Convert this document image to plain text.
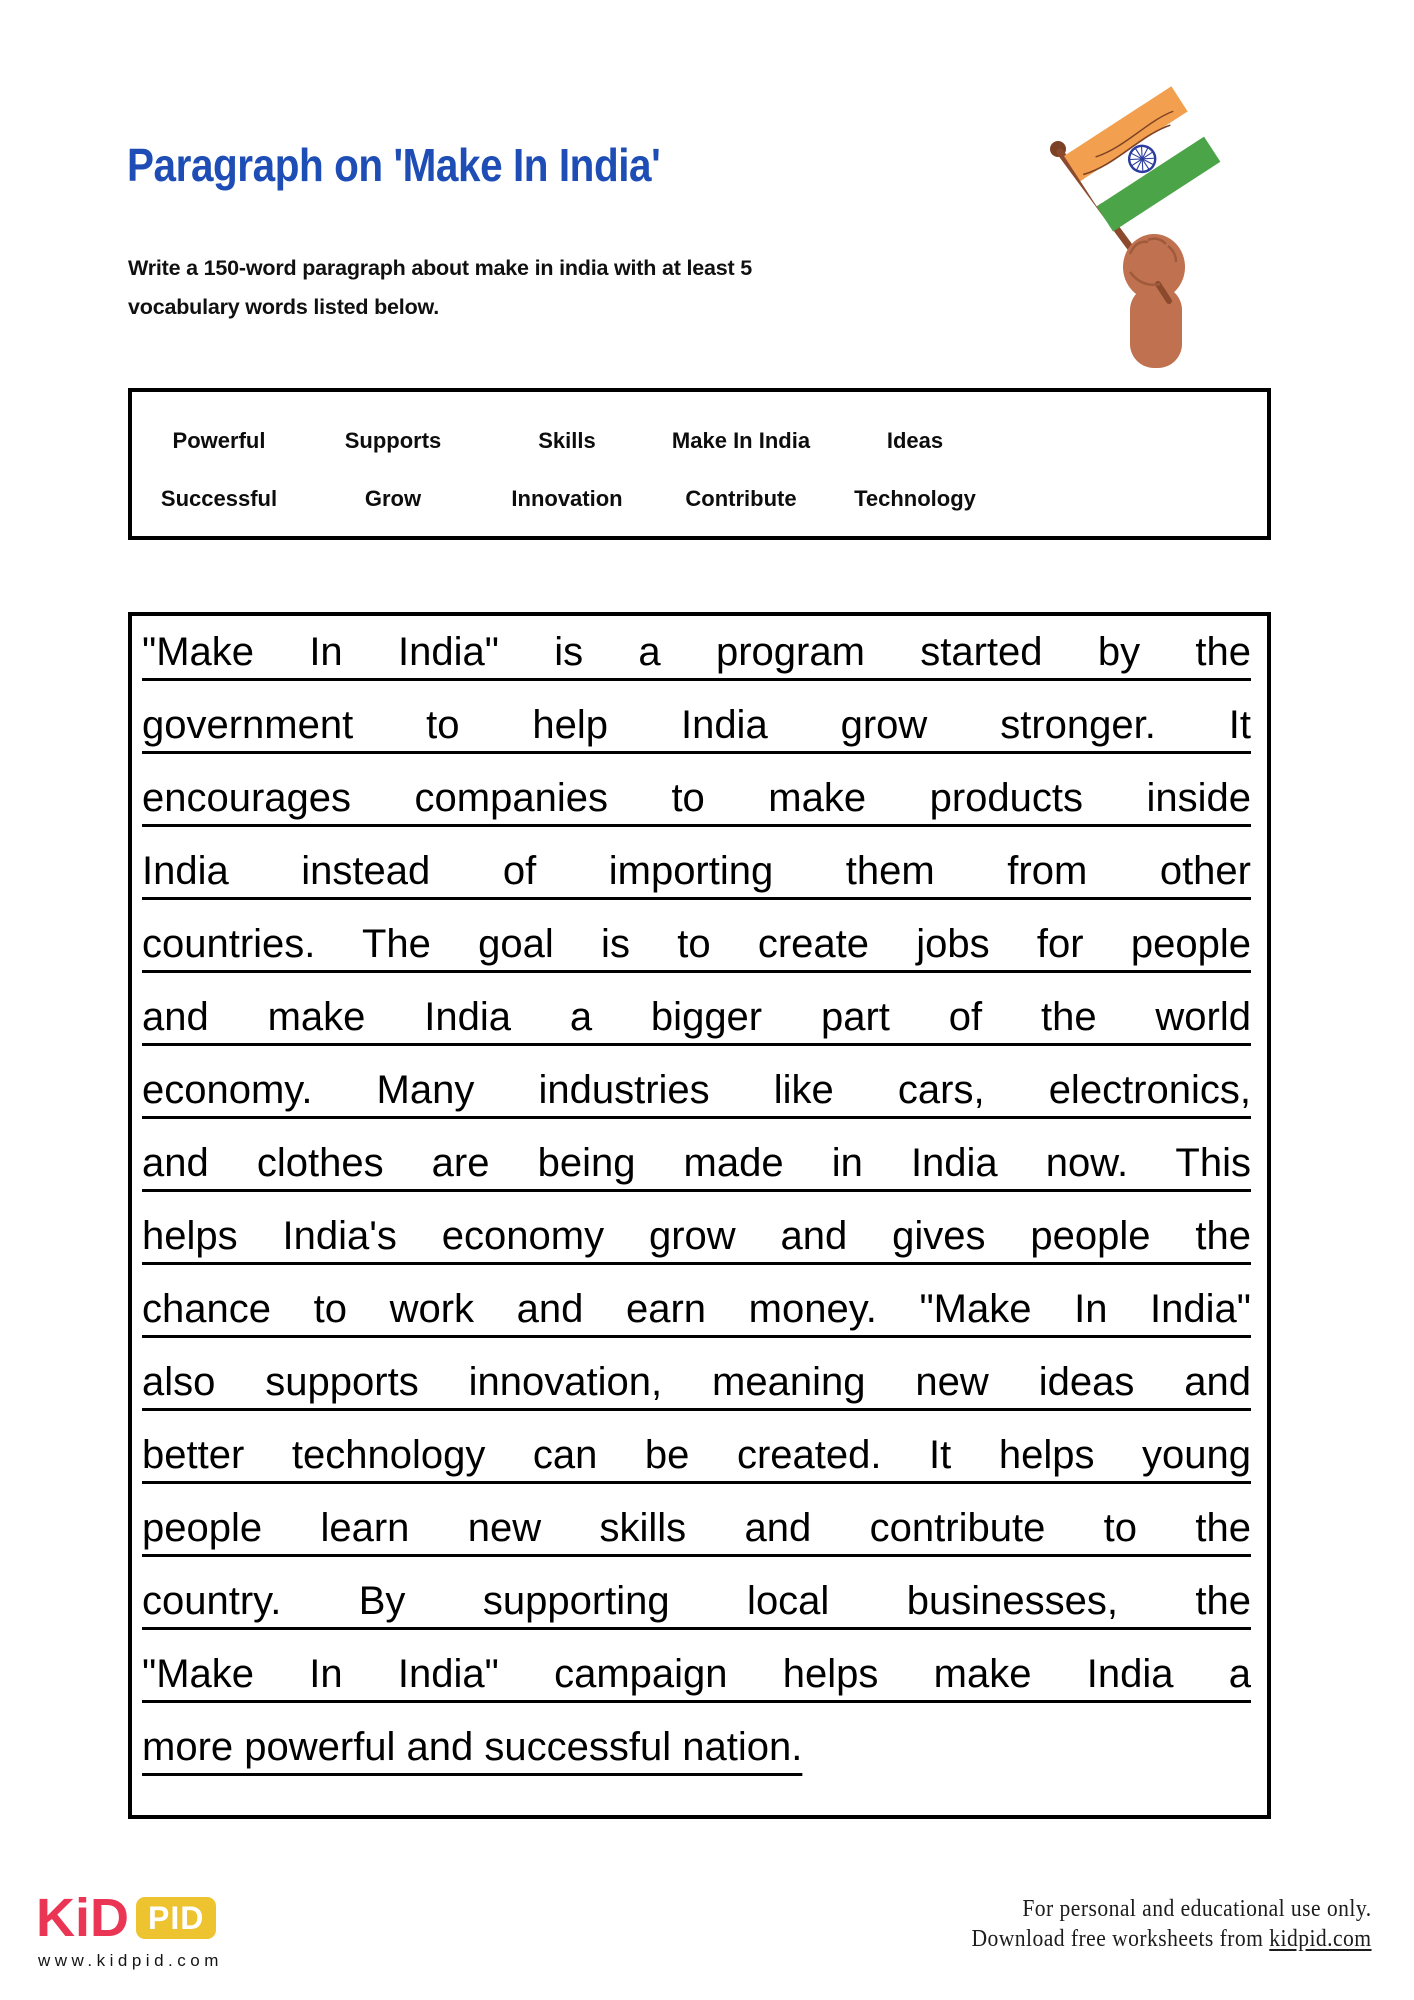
Paragraph on 'Make In India'
Write a 150-word paragraph about make in india with at least 5 vocabulary words listed below.
Powerful	Supports	Skills	Make In India	Ideas
Successful	Grow	Innovation	Contribute	Technology
"Make In India" is a program started by the
government to help India grow stronger. It
encourages companies to make products inside
India instead of importing them from other
countries. The goal is to create jobs for people
and make India a bigger part of the world
economy. Many industries like cars, electronics,
and clothes are being made in India now. This
helps India's economy grow and gives people the
chance to work and earn money. "Make In India"
also supports innovation, meaning new ideas and
better technology can be created. It helps young
people learn new skills and contribute to the
country. By supporting local businesses, the
"Make In India" campaign helps make India a
more powerful and successful nation.
KiD PID
www.kidpid.com
For personal and educational use only.
Download free worksheets from kidpid.com
